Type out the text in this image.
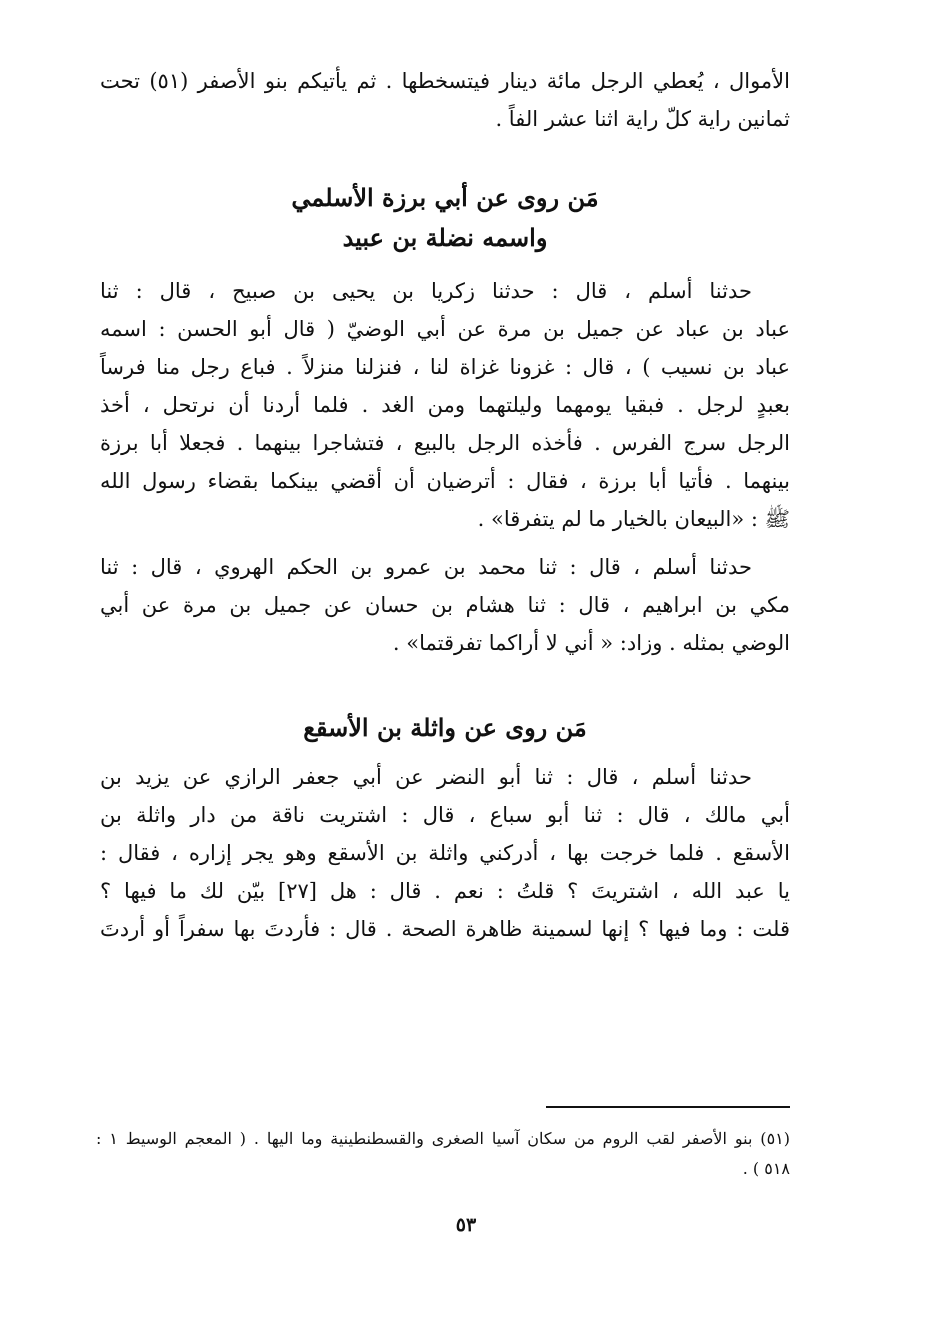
الأموال ، يُعطي الرجل مائة دينار فيتسخطها . ثم يأتيكم بنو الأصفر (٥١) تحت
ثمانين راية كلّ راية اثنا عشر الفاً .
مَن روى عن أبي برزة الأسلمي
واسمه نضلة بن عبيد
حدثنا أسلم ، قال : حدثنا زكريا بن يحيى بن صبيح ، قال : ثنا
عباد بن عباد عن جميل بن مرة عن أبي الوضيّ ( قال أبو الحسن : اسمه
عباد بن نسيب ) ، قال : غزونا غزاة لنا ، فنزلنا منزلاً . فباع رجل منا فرساً
بعبدٍ لرجل . فبقيا يومهما وليلتهما ومن الغد . فلما أردنا أن نرتحل ، أخذ
الرجل سرج الفرس . فأخذه الرجل بالبيع ، فتشاجرا بينهما . فجعلا أبا برزة
بينهما . فأتيا أبا برزة ، فقال : أترضيان أن أقضي بينكما بقضاء رسول الله
ﷺ : «البيعان بالخيار ما لم يتفرقا» .
حدثنا أسلم ، قال : ثنا محمد بن عمرو بن الحكم الهروي ، قال : ثنا
مكي بن ابراهيم ، قال : ثنا هشام بن حسان عن جميل بن مرة عن أبي
الوضي بمثله . وزاد: « أني لا أراكما تفرقتما» .
مَن روى عن واثلة بن الأسقع
حدثنا أسلم ، قال : ثنا أبو النضر عن أبي جعفر الرازي عن يزيد بن
أبي مالك ، قال : ثنا أبو سباع ، قال : اشتريت ناقة من دار واثلة بن
الأسقع . فلما خرجت بها ، أدركني واثلة بن الأسقع وهو يجر إزاره ، فقال :
يا عبد الله ، اشتريتَ ؟ قلتُ : نعم . قال : هل [٢٧] بيّن لك ما فيها ؟
قلت : وما فيها ؟ إنها لسمينة ظاهرة الصحة . قال : فأردتَ بها سفراً أو أردتَ
(٥١) بنو الأصفر لقب الروم من سكان آسيا الصغرى والقسطنطينية وما اليها . ( المعجم الوسيط ١ :
٥١٨ ) .
٥٣
